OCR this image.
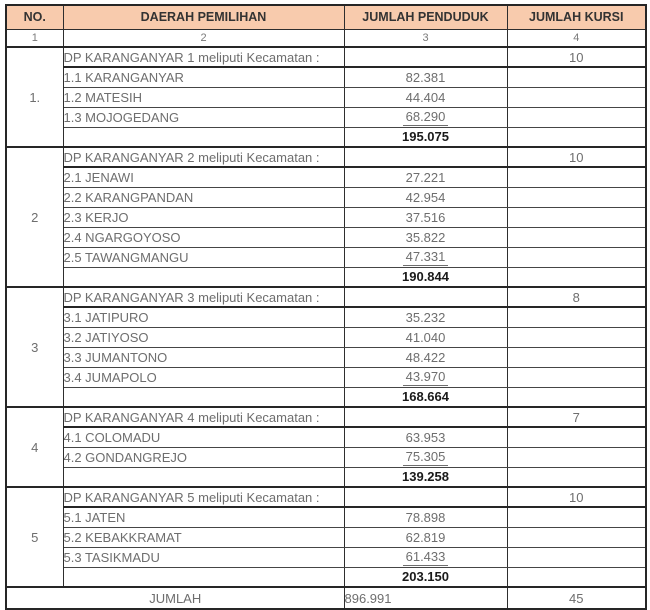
NO.	DAERAH PEMILIHAN	JUMLAH PENDUDUK	JUMLAH KURSI
1	2	3	4
1.	DP KARANGANYAR 1 meliputi Kecamatan :		10
	1.1 KARANGANYAR	82.381	
	1.2 MATESIH	44.404	
	1.3 MOJOGEDANG	68.290	
		195.075	
2	DP KARANGANYAR 2 meliputi Kecamatan :		10
	2.1 JENAWI	27.221	
	2.2 KARANGPANDAN	42.954	
	2.3 KERJO	37.516	
	2.4 NGARGOYOSO	35.822	
	2.5 TAWANGMANGU	47.331	
		190.844	
3	DP KARANGANYAR 3 meliputi Kecamatan :		8
	3.1 JATIPURO	35.232	
	3.2 JATIYOSO	41.040	
	3.3 JUMANTONO	48.422	
	3.4 JUMAPOLO	43.970	
		168.664	
4	DP KARANGANYAR 4 meliputi Kecamatan :		7
	4.1 COLOMADU	63.953	
	4.2 GONDANGREJO	75.305	
		139.258	
5	DP KARANGANYAR 5 meliputi Kecamatan :		10
	5.1 JATEN	78.898	
	5.2 KEBAKKRAMAT	62.819	
	5.3 TASIKMADU	61.433	
		203.150	
JUMLAH		896.991	45
